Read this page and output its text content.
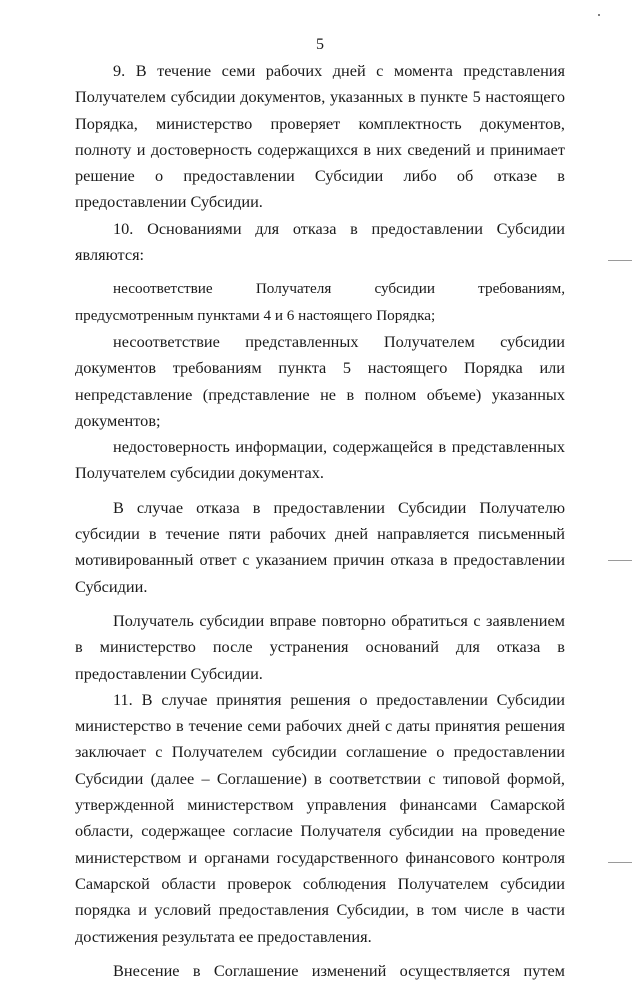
5

9. В течение семи рабочих дней с момента представления Получателем субсидии документов, указанных в пункте 5 настоящего Порядка, министерство проверяет комплектность документов, полноту и достоверность содержащихся в них сведений и принимает решение о предоставлении Субсидии либо об отказе в предоставлении Субсидии.

10. Основаниями для отказа в предоставлении Субсидии являются:

несоответствие Получателя субсидии требованиям, предусмотренным пунктами 4 и 6 настоящего Порядка;

несоответствие представленных Получателем субсидии документов требованиям пункта 5 настоящего Порядка или непредставление (представление не в полном объеме) указанных документов;

недостоверность информации, содержащейся в представленных Получателем субсидии документах.

В случае отказа в предоставлении Субсидии Получателю субсидии в течение пяти рабочих дней направляется письменный мотивированный ответ с указанием причин отказа в предоставлении Субсидии.

Получатель субсидии вправе повторно обратиться с заявлением в министерство после устранения оснований для отказа в предоставлении Субсидии.

11. В случае принятия решения о предоставлении Субсидии министерство в течение семи рабочих дней с даты принятия решения заключает с Получателем субсидии соглашение о предоставлении Субсидии (далее – Соглашение) в соответствии с типовой формой, утвержденной министерством управления финансами Самарской области, содержащее согласие Получателя субсидии на проведение министерством и органами государственного финансового контроля Самарской области проверок соблюдения Получателем субсидии порядка и условий предоставления Субсидии, в том числе в части достижения результата ее предоставления.

Внесение в Соглашение изменений осуществляется путем
